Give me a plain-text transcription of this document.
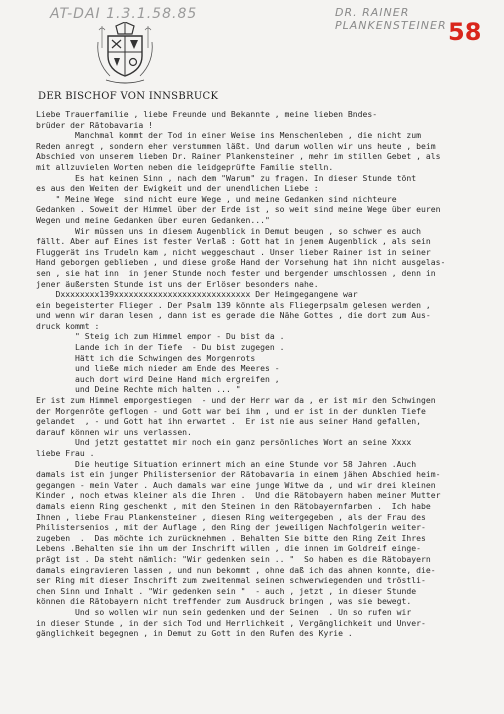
AT-DAI 1.3.1.58.85	DR. RAINER PLANKENSTEINER 58
DER BISCHOF VON INNSBRUCK
Liebe Trauerfamilie , liebe Freunde und Bekannte , meine lieben Bndes-
brüder der Rätobavaria !
Manchmal kommt der Tod in einer Weise ins Menschenleben , die nicht zum
Reden anregt , sondern eher verstummen läßt. Und darum wollen wir uns heute , beim
Abschied von unserem lieben Dr. Rainer Plankensteiner , mehr im stillen Gebet , als
mit allzuvielen Worten neben die leidgeprüfte Familie stelln.
Es hat keinen Sinn , nach dem "Warum" zu fragen. In dieser Stunde tönt
es aus den Weiten der Ewigkeit und der unendlichen Liebe :
" Meine Wege  sind nicht eure Wege , und meine Gedanken sind nichteure
Gedanken . Soweit der Himmel über der Erde ist , so weit sind meine Wege über euren
Wegen und meine Gedanken über euren Gedanken..."
Wir müssen uns in diesem Augenblick in Demut beugen , so schwer es auch
fällt. Aber auf Eines ist fester Verlaß : Gott hat in jenem Augenblick , als sein
Fluggerät ins Trudeln kam , nicht weggeschaut . Unser lieber Rainer ist in seiner
Hand geborgen geblieben , und diese große Hand der Vorsehung hat ihn nicht ausgelas-
sen , sie hat inn  in jener Stunde noch fester und bergender umschlossen , denn in
jener äußersten Stunde ist uns der Erlöser besonders nahe.
Dxxxxxxxx139xxxxxxxxxxxxxxxxxxxxxxxxxxxx Der Heimgegangene war
ein begeisterter Flieger . Der Psalm 139 könnte als Fliegerpsalm gelesen werden ,
und wenn wir daran lesen , dann ist es gerade die Nähe Gottes , die dort zum Aus-
druck kommt :
" Steig ich zum Himmel empor - Du bist da .
Lande ich in der Tiefe  - Du bist zugegen .
Hätt ich die Schwingen des Morgenrots
und ließe mich nieder am Ende des Meeres -
auch dort wird Deine Hand mich ergreifen ,
und Deine Rechte mich halten ... "
Er ist zum Himmel emporgestiegen  - und der Herr war da , er ist mir den Schwingen
der Morgenröte geflogen - und Gott war bei ihm , und er ist in der dunklen Tiefe
gelandet  , - und Gott hat ihn erwartet .  Er ist nie aus seiner Hand gefallen,
darauf können wir uns verlassen.
Und jetzt gestattet mir noch ein ganz persönliches Wort an seine Xxxx
liebe Frau .
Die heutige Situation erinnert mich an eine Stunde vor 58 Jahren .Auch
damals ist ein junger Philistersenior der Rätobavaria in einem jähen Abschied heim-
gegangen - mein Vater . Auch damals war eine junge Witwe da , und wir drei kleinen
Kinder , noch etwas kleiner als die Ihren .  Und die Rätobayern haben meiner Mutter
damals eienn Ring geschenkt , mit den Steinen in den Rätobayernfarben .  Ich habe
Ihnen , liebe Frau Plankensteiner , diesen Ring weitergegeben , als der Frau des
Philistersenios , mit der Auflage , den Ring der jeweiligen Nachfolgerin weiter-
zugeben  .  Das möchte ich zurücknehmen . Behalten Sie bitte den Ring Zeit Ihres
Lebens .Behalten sie ihn um der Inschrift willen , die innen im Goldreif einge-
prägt ist . Da steht nämlich: "Wir gedenken sein .. "  So haben es die Rätobayern
damals eingravieren lassen , und nun bekommt , ohne daß ich das ahnen konnte, die-
ser Ring mit dieser Inschrift zum zweitenmal seinen schwerwiegenden und tröstli-
chen Sinn und Inhalt . "Wir gedenken sein "  - auch , jetzt , in dieser Stunde
können die Rätobayern nicht treffender zum Ausdruck bringen , was sie bewegt.
Und so wollen wir nun sein gedenken und der Seinen  . Un so rufen wir
in dieser Stunde , in der sich Tod und Herrlichkeit , Vergänglichkeit und Unver-
gänglichkeit begegnen , in Demut zu Gott in den Rufen des Kyrie .
